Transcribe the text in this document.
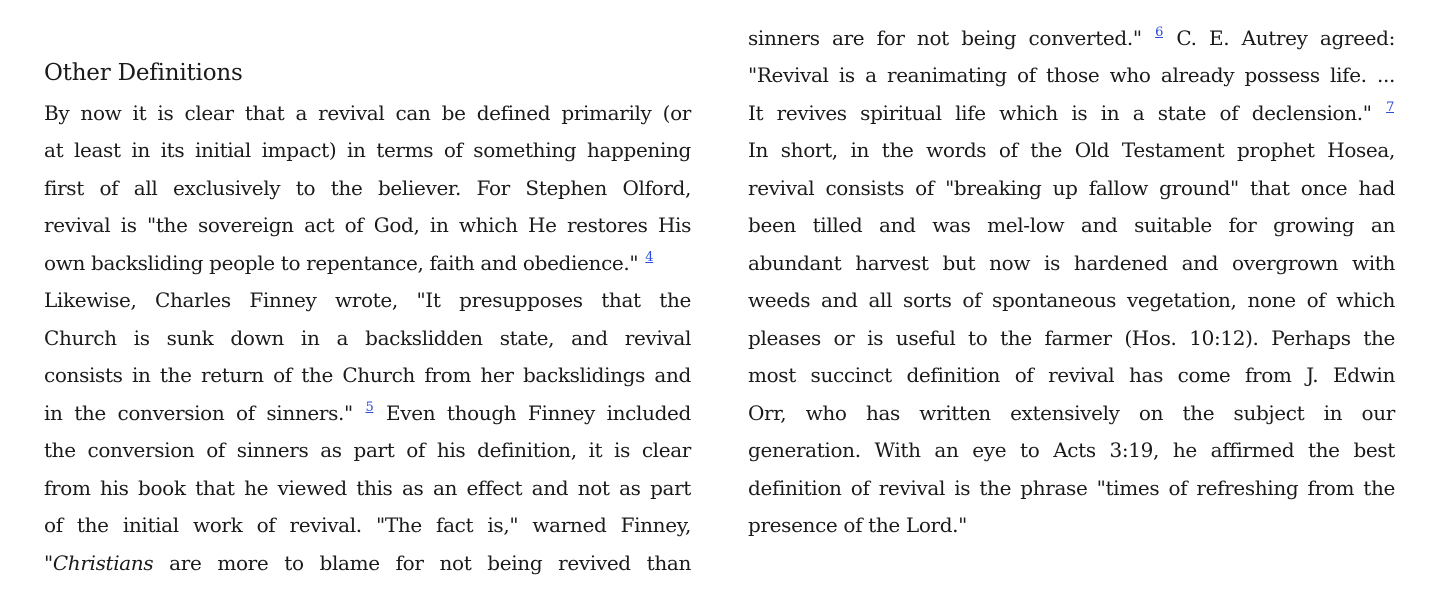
Other Definitions
By now it is clear that a revival can be defined primarily (or
at least in its initial impact) in terms of something happening
first of all exclusively to the believer. For Stephen Olford,
revival is "the sovereign act of God, in which He restores His
own backsliding people to repentance, faith and obedience." $^4$
Likewise, Charles Finney wrote, "It presupposes that the
Church is sunk down in a backslidden state, and revival
consists in the return of the Church from her backslidings and
in the conversion of sinners." $^5$ Even though Finney included
the conversion of sinners as part of his definition, it is clear
from his book that he viewed this as an effect and not as part
of the initial work of revival. "The fact is," warned Finney,
"Christians are more to blame for not being revived than
sinners are for not being converted." $^6$ C. E. Autrey agreed:
"Revival is a reanimating of those who already possess life. ...
It revives spiritual life which is in a state of declension." $^7$
In short, in the words of the Old Testament prophet Hosea,
revival consists of "breaking up fallow ground" that once had
been tilled and was mel-low and suitable for growing an
abundant harvest but now is hardened and overgrown with
weeds and all sorts of spontaneous vegetation, none of which
pleases or is useful to the farmer (Hos. 10:12). Perhaps the
most succinct definition of revival has come from J. Edwin
Orr, who has written extensively on the subject in our
generation. With an eye to Acts 3:19, he affirmed the best
definition of revival is the phrase "times of refreshing from the
presence of the Lord."
